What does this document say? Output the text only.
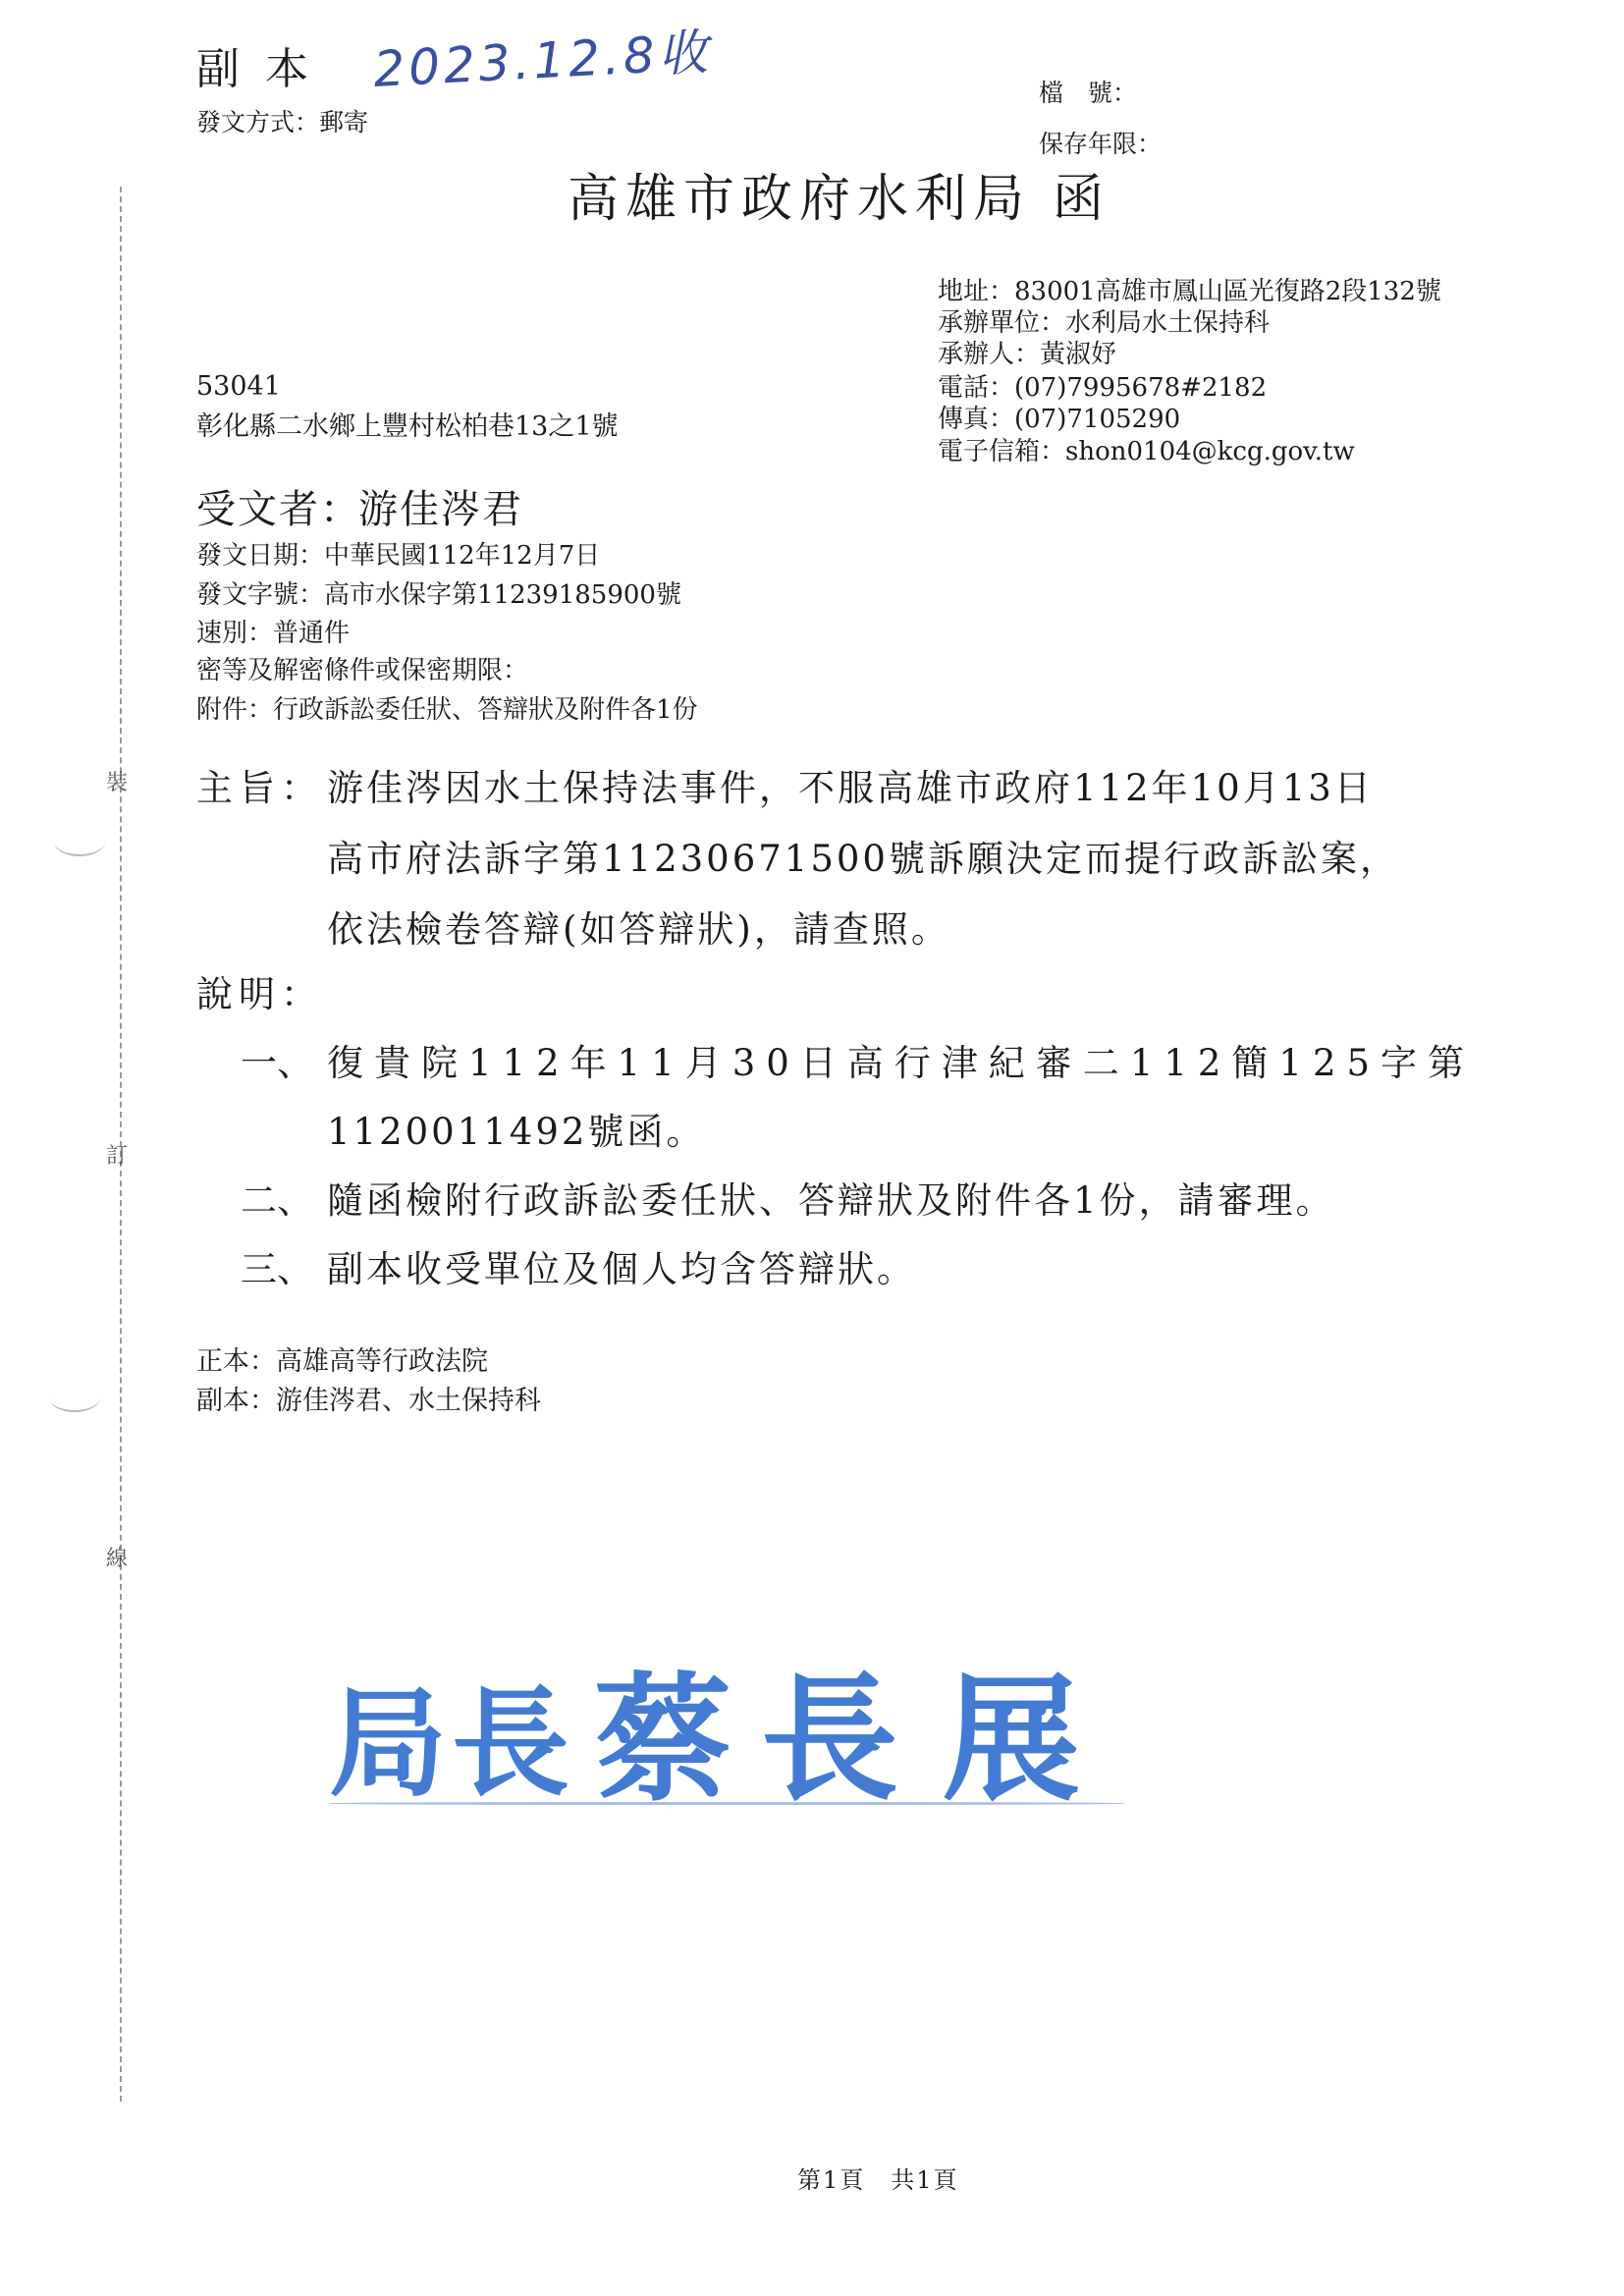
裝
訂
線
副本 2023.12.8收
發文方式：郵寄
檔　號：
保存年限：
高雄市政府水利局 函
地址：83001高雄市鳳山區光復路2段132號
承辦單位：水利局水土保持科
承辦人：黃淑妤
電話：(07)7995678#2182
傳真：(07)7105290
電子信箱：shon0104@kcg.gov.tw
53041
彰化縣二水鄉上豐村松柏巷13之1號
受文者：
游佳涔君
發文日期：中華民國112年12月7日
發文字號：高市水保字第11239185900號
速別：普通件
密等及解密條件或保密期限：
附件：行政訴訟委任狀、答辯狀及附件各1份
主旨： 游佳涔因水土保持法事件，不服高雄市政府112年10月13日
高市府法訴字第11230671500號訴願決定而提行政訴訟案，
依法檢卷答辯(如答辯狀)，請查照。
說明：
一、 復貴院112年11月30日高行津紀審二112簡125字第
1120011492號函。
二、 隨函檢附行政訴訟委任狀、答辯狀及附件各1份，請審理。
三、 副本收受單位及個人均含答辯狀。
正本：高雄高等行政法院
副本：游佳涔君、水土保持科
局 長 蔡 長 展
第1頁　共1頁
